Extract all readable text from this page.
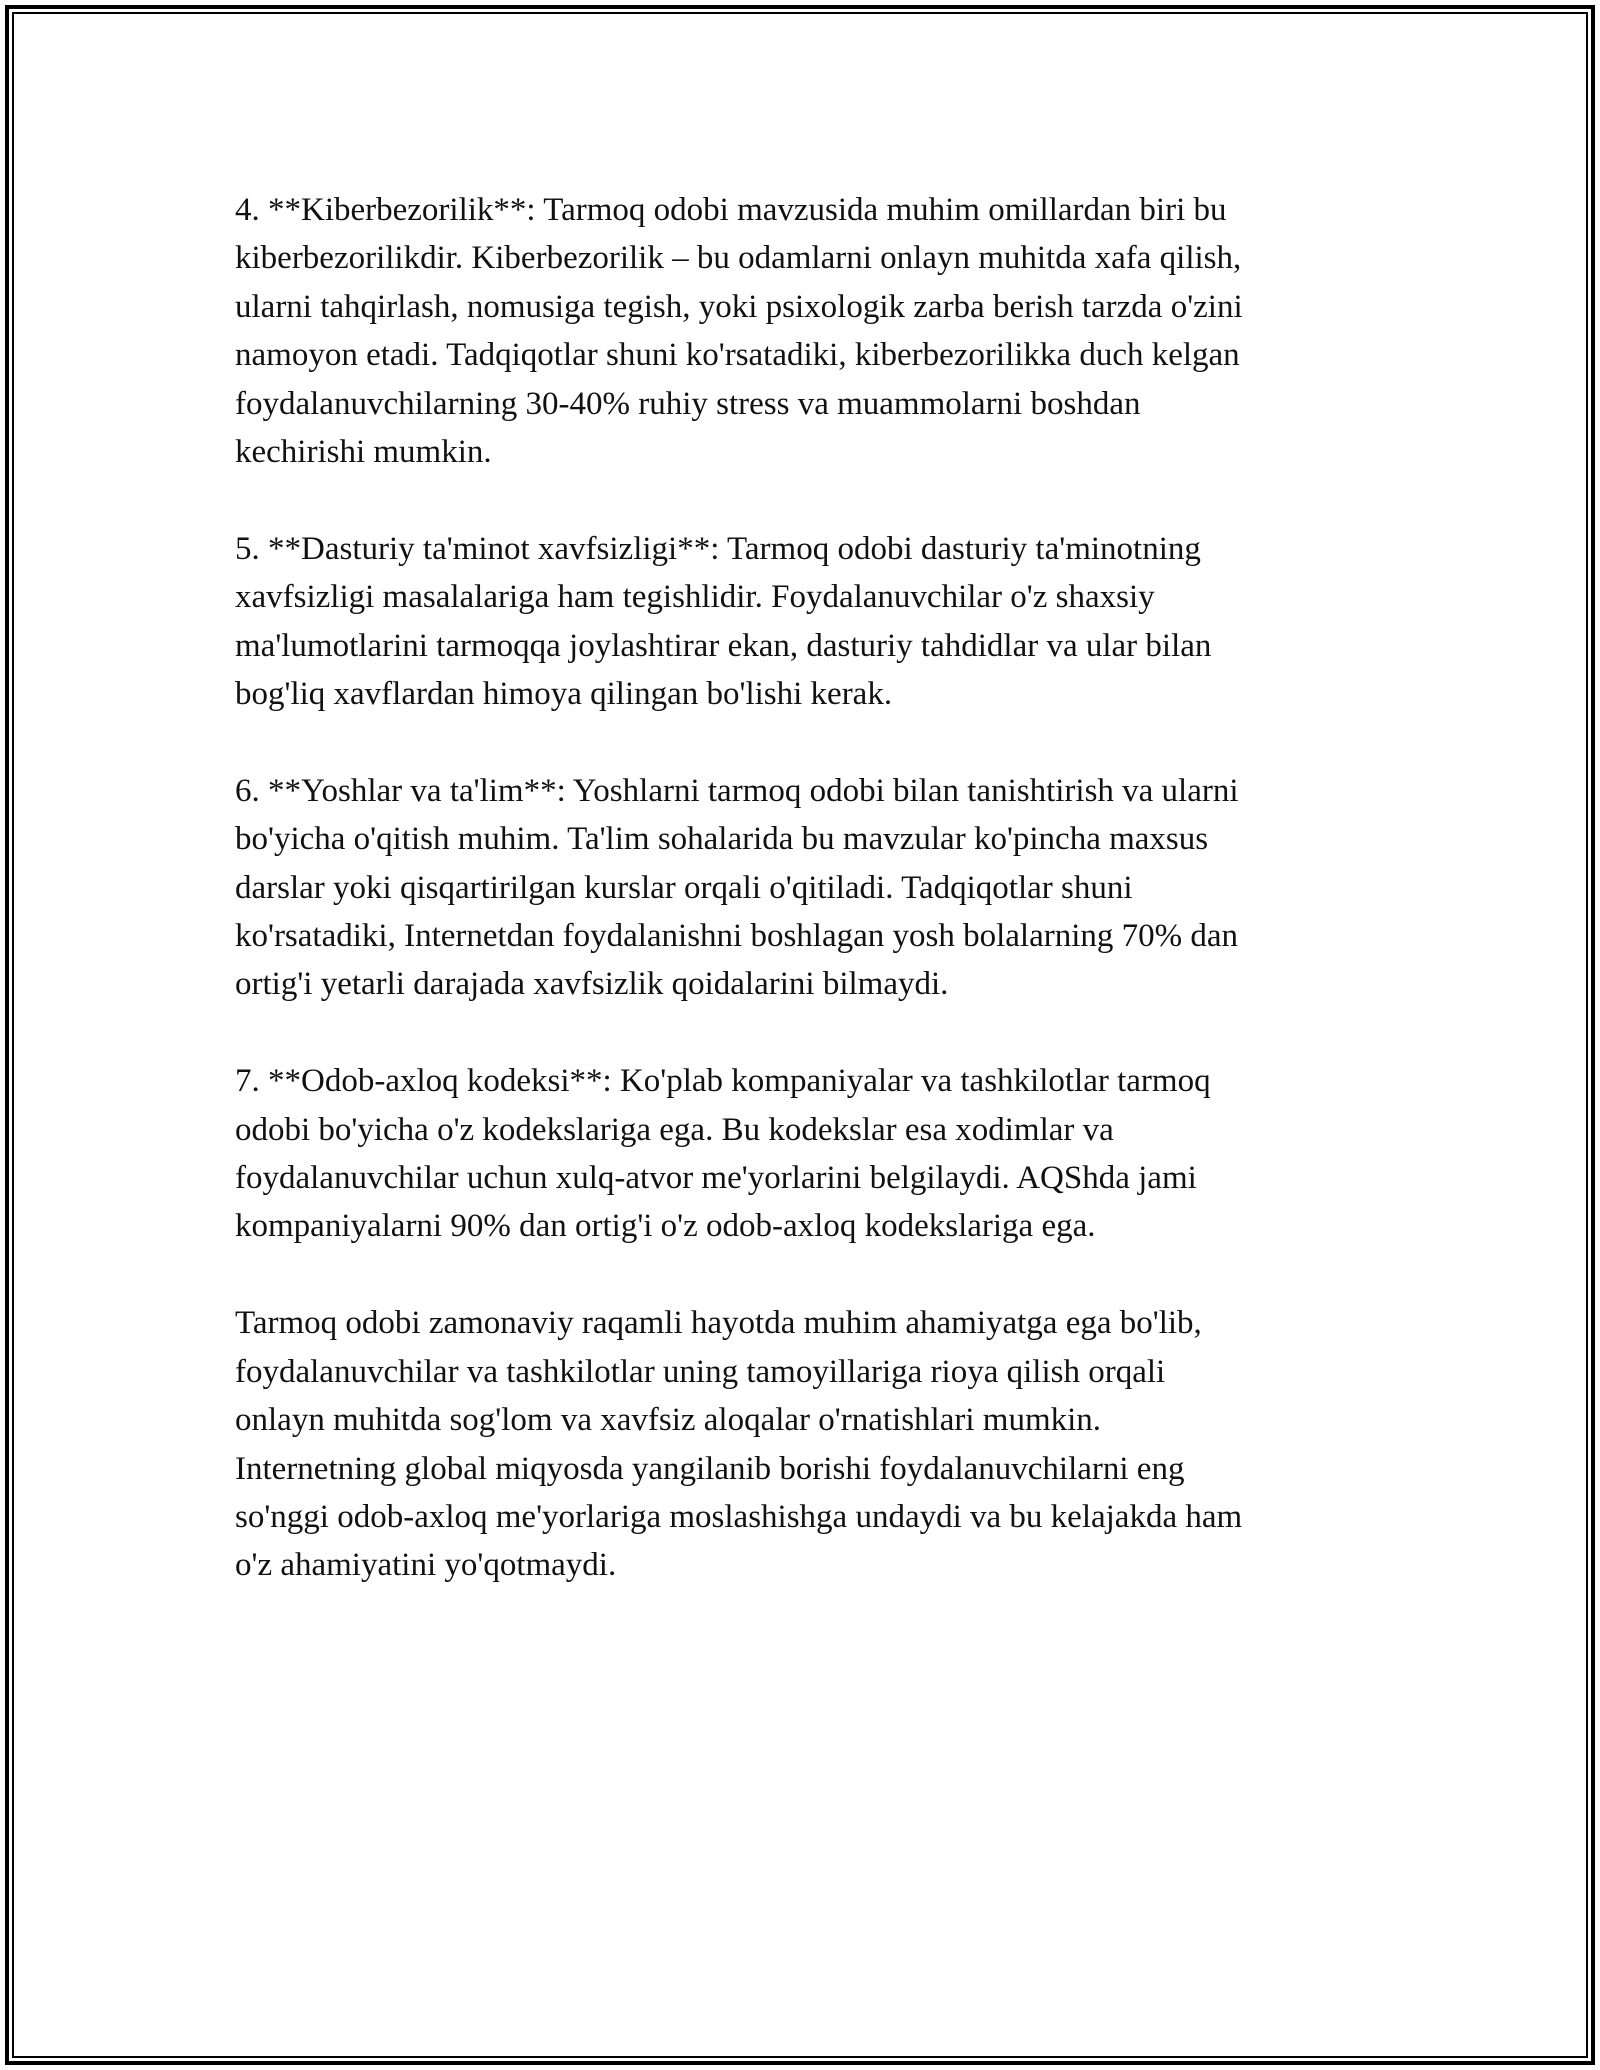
4. **Kiberbezorilik**: Tarmoq odobi mavzusida muhim omillardan biri bu
kiberbezorilikdir. Kiberbezorilik – bu odamlarni onlayn muhitda xafa qilish,
ularni tahqirlash, nomusiga tegish, yoki psixologik zarba berish tarzda o'zini
namoyon etadi. Tadqiqotlar shuni ko'rsatadiki, kiberbezorilikka duch kelgan
foydalanuvchilarning 30-40% ruhiy stress va muammolarni boshdan
kechirishi mumkin.

5. **Dasturiy ta'minot xavfsizligi**: Tarmoq odobi dasturiy ta'minotning
xavfsizligi masalalariga ham tegishlidir. Foydalanuvchilar o'z shaxsiy
ma'lumotlarini tarmoqqa joylashtirar ekan, dasturiy tahdidlar va ular bilan
bog'liq xavflardan himoya qilingan bo'lishi kerak.

6. **Yoshlar va ta'lim**: Yoshlarni tarmoq odobi bilan tanishtirish va ularni
bo'yicha o'qitish muhim. Ta'lim sohalarida bu mavzular ko'pincha maxsus
darslar yoki qisqartirilgan kurslar orqali o'qitiladi. Tadqiqotlar shuni
ko'rsatadiki, Internetdan foydalanishni boshlagan yosh bolalarning 70% dan
ortig'i yetarli darajada xavfsizlik qoidalarini bilmaydi.

7. **Odob-axloq kodeksi**: Ko'plab kompaniyalar va tashkilotlar tarmoq
odobi bo'yicha o'z kodekslariga ega. Bu kodekslar esa xodimlar va
foydalanuvchilar uchun xulq-atvor me'yorlarini belgilaydi. AQShda jami
kompaniyalarni 90% dan ortig'i o'z odob-axloq kodekslariga ega.

Tarmoq odobi zamonaviy raqamli hayotda muhim ahamiyatga ega bo'lib,
foydalanuvchilar va tashkilotlar uning tamoyillariga rioya qilish orqali
onlayn muhitda sog'lom va xavfsiz aloqalar o'rnatishlari mumkin.
Internetning global miqyosda yangilanib borishi foydalanuvchilarni eng
so'nggi odob-axloq me'yorlariga moslashishga undaydi va bu kelajakda ham
o'z ahamiyatini yo'qotmaydi.
